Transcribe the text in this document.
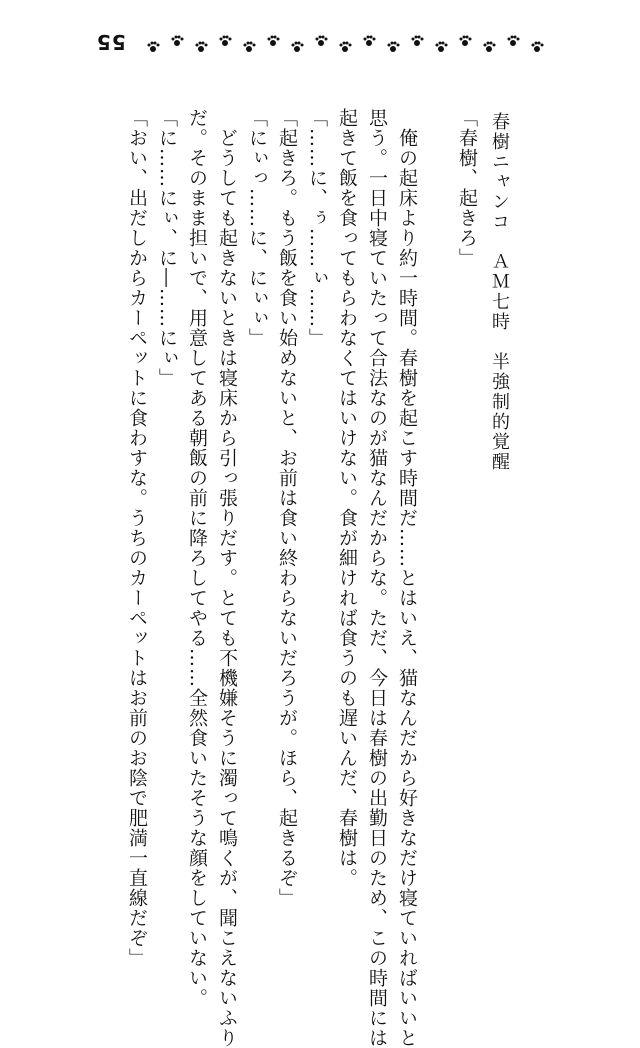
55
春樹ニャンコ　ＡＭ七時　半強制的覚醒
「春樹、起きろ」
　俺の起床より約一時間。春樹を起こす時間だ……とはいえ、猫なんだから好きなだけ寝ていればいいと
思う。一日中寝ていたって合法なのが猫なんだからな。ただ、今日は春樹の出勤日のため、この時間には
起きて飯を食ってもらわなくてはいけない。食が細ければ食うのも遅いんだ、春樹は。
「……に、ぅ……ぃ……」
「起きろ。もう飯を食い始めないと、お前は食い終わらないだろうが。ほら、起きるぞ」
「にぃっ……に、にぃぃ」
　どうしても起きないときは寝床から引っ張りだす。とても不機嫌そうに濁って鳴くが、聞こえないふり
だ。そのまま担いで、用意してある朝飯の前に降ろしてやる……全然食いたそうな顔をしていない。
「に……にぃ、に―……にぃ」
「おい、出だしからカーペットに食わすな。うちのカーペットはお前のお陰で肥満一直線だぞ」
